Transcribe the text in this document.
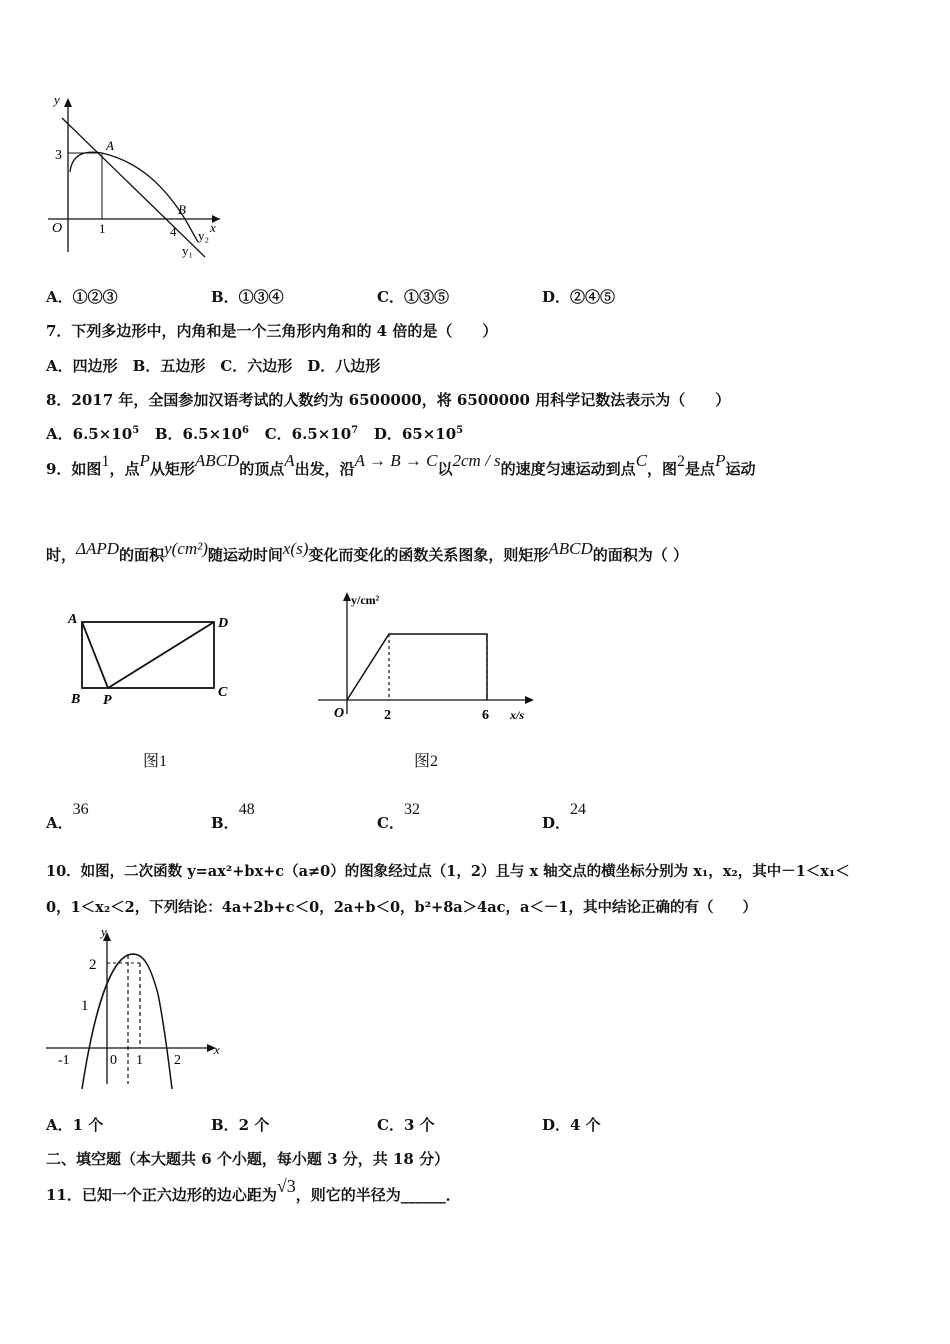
y
x
O
A
B
3
1	4 y₂
y₁
A．①②③	B．①③④	C．①③⑤	D．②④⑤
7．下列多边形中，内角和是一个三角形内角和的 4 倍的是（　　）
A．四边形　B．五边形　C．六边形　D．八边形
8．2017 年，全国参加汉语考试的人数约为 6500000，将 6500000 用科学记数法表示为（　　）
A．$6.5\times 10^5$ B．$6.5\times 10^6$ C．$6.5\times 10^7$ D．$65\times 10^5$
9．如图1，点P从矩形ABCD的顶点A出发，沿A → B → C以2cm / s的速度匀速运动到点C，图2是点P运动
时，ΔAPD的面积y(cm²)随运动时间x(s)变化而变化的函数关系图象，则矩形ABCD的面积为（ ）
A	D
B P
C
图1
y/cm²
O	2	6 x/s
图2
A．36
B．48
C．32
D．24
10．如图，二次函数 y=ax²+bx+c（a≠0）的图象经过点（1，2）且与 x 轴交点的横坐标分别为 x₁，x₂，其中－1＜x₁＜
0，1＜x₂＜2，下列结论：4a+2b+c＜0，2a+b＜0，b²+8a＞4ac，a＜－1，其中结论正确的有（　　）
y
x
2
1
-1	0 1 2
A．1 个	B．2 个	C．3 个	D．4 个
二、填空题（本大题共 6 个小题，每小题 3 分，共 18 分）
11．已知一个正六边形的边心距为√3，则它的半径为______．
